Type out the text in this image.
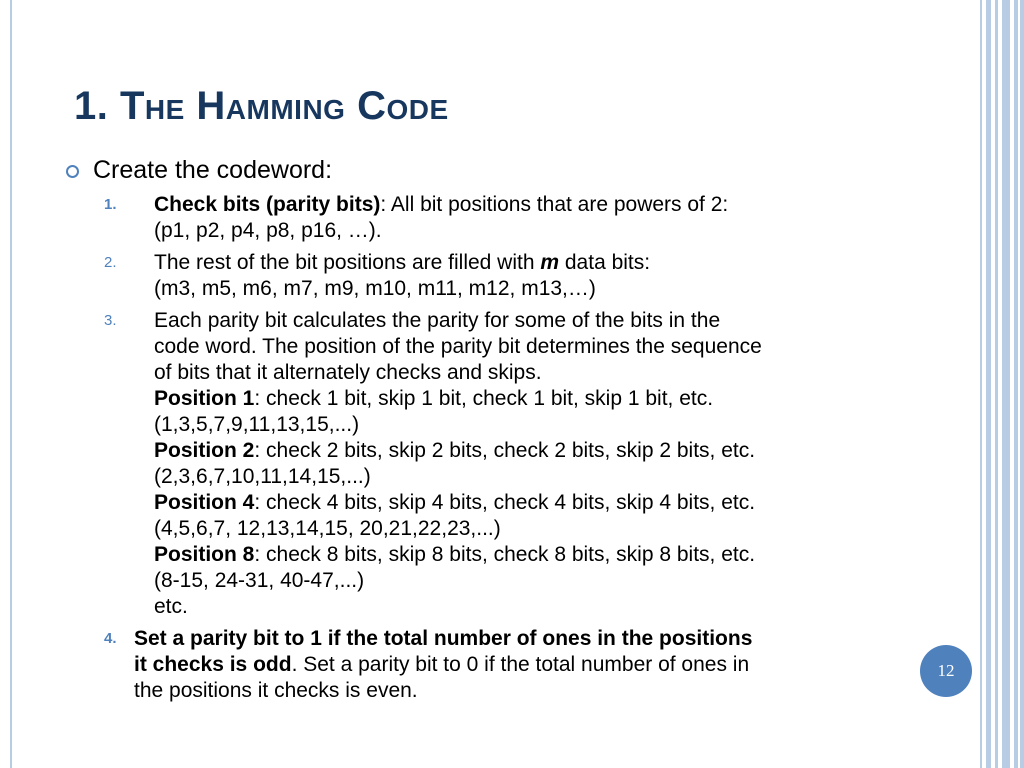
1. The Hamming Code
Create the codeword:
1.	Check bits (parity bits): All bit positions that are powers of 2:
(p1, p2, p4, p8, p16, …).
2.	The rest of the bit positions are filled with m data bits:
(m3, m5, m6, m7, m9, m10, m11, m12, m13,…)
3.	Each parity bit calculates the parity for some of the bits in the
code word. The position of the parity bit determines the sequence
of bits that it alternately checks and skips.
Position 1: check 1 bit, skip 1 bit, check 1 bit, skip 1 bit, etc.
(1,3,5,7,9,11,13,15,...)
Position 2: check 2 bits, skip 2 bits, check 2 bits, skip 2 bits, etc.
(2,3,6,7,10,11,14,15,...)
Position 4: check 4 bits, skip 4 bits, check 4 bits, skip 4 bits, etc.
(4,5,6,7, 12,13,14,15, 20,21,22,23,...)
Position 8: check 8 bits, skip 8 bits, check 8 bits, skip 8 bits, etc.
(8-15, 24-31, 40-47,...)
etc.
4. Set a parity bit to 1 if the total number of ones in the positions
it checks is odd. Set a parity bit to 0 if the total number of ones in
the positions it checks is even.
12
